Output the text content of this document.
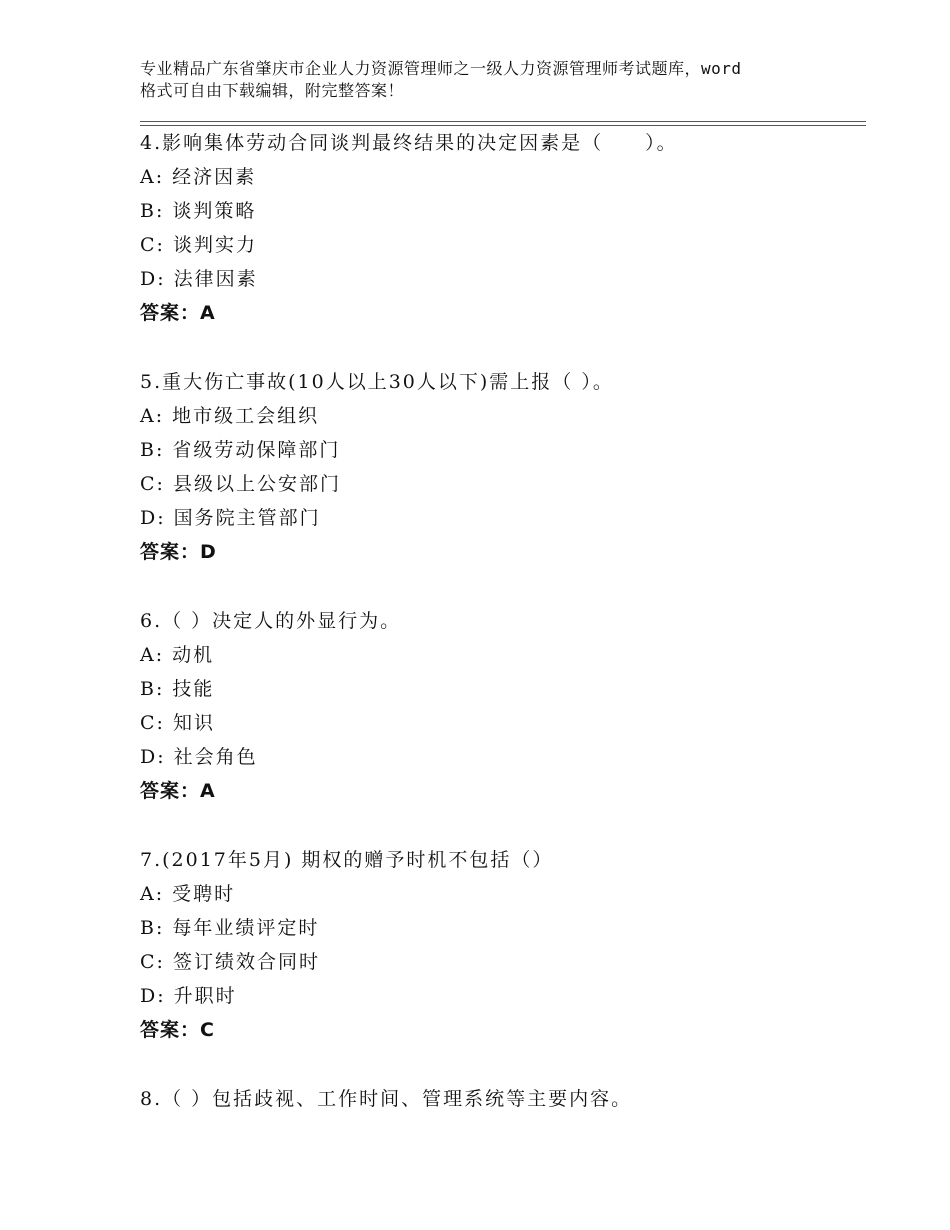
专业精品广东省肇庆市企业人力资源管理师之一级人力资源管理师考试题库，word
格式可自由下载编辑，附完整答案！
4.影响集体劳动合同谈判最终结果的决定因素是（　　）。
A: 经济因素
B: 谈判策略
C: 谈判实力
D: 法律因素
答案：A
5.重大伤亡事故(10人以上30人以下)需上报（ ）。
A: 地市级工会组织
B: 省级劳动保障部门
C: 县级以上公安部门
D: 国务院主管部门
答案：D
6.（ ）决定人的外显行为。
A: 动机
B: 技能
C: 知识
D: 社会角色
答案：A
7.(2017年5月) 期权的赠予时机不包括（）
A: 受聘时
B: 每年业绩评定时
C: 签订绩效合同时
D: 升职时
答案：C
8.（ ）包括歧视、工作时间、管理系统等主要内容。
